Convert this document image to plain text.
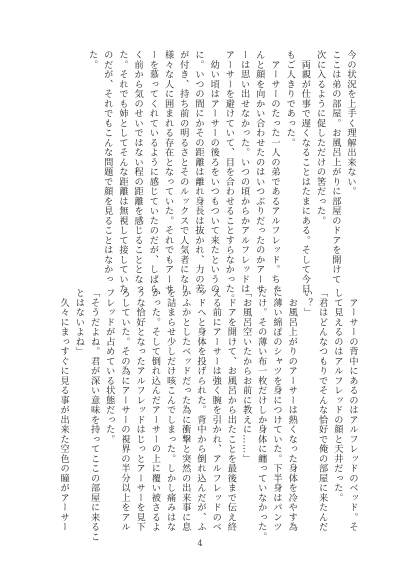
今の状況を上手く理解出来ない。
ここは弟の部屋。お風呂上がりに部屋のドアを開けて
次に入るように促しただけの筈だった。
　両親が仕事で遅くなることはたまにある。そして今日
もご人きりであった。
　アーサーのたった一人の弟であるアルフレッド。ちゃ
んと顔を向かい合わせたのはいつぶりだったのかアーサ
ーは思い出せなかった。いつの頃からかアルフレッドは
アーサーを避けていて、目を合わせることすらなかった。
　幼い頃はアーサーの後ろをいつもついて来たというの
に。いつの間にかその距離は離れ身長は抜かれ、力の差
が付き、持ち前の明るさとそのルックスで人気者になり
様々な人に囲まれる存在となっていた。それでもアーサ
ーを慕ってくれているように感じていたのだが、しばら
く前から気のせいではない程の距離を感じることとなっ
た。それでも姉としてそんな距離は無視して接していた
のだが、それでもこんな問題で顔を見ることはなかっ
た。
　アーサーの背中にあるのはアルフレッドのベッド。そ
して見えるのはアルフレッドの顔と天井だった。
「君はどんなつもりでそんな恰好で俺の部屋に来たんだ
い？」
　お風呂上がりのアーサーは熱くなった身体を冷やす為
に薄い綿ぽのシャツを身につけていた。下半身はパンツ
だけ。その薄い布一枚だけしか身体に纏っていなかった。
「お風呂空いたからお前に教えに……」
　ドアを開けて、お風呂から出たことを最後まで伝え終
える前にアーサーは強く腕を引かれ、アルフレッドのベ
ッドへと身体を投げられた。背中から倒れ込んだが、ふ
かふかとしたベッドだった為に衝撃と突然の出来事に息
を詰まらせ少しだけ咳こんでしまった。しかし痛みはな
かった。そして倒れ込んだアーサーの上に覆い被さるよ
うな恰好となったアルフレッドはじっとアーサーを見下
ろしていた。その為にアーサーの視界の半分以上をアル
フレッドが占めている状態だった。
「そうだよね。君が深い意味を持ってここの部屋に来るこ
とはないよね」
　久々にまっすぐに見る事が出来た空色の瞳がアーサー
4
